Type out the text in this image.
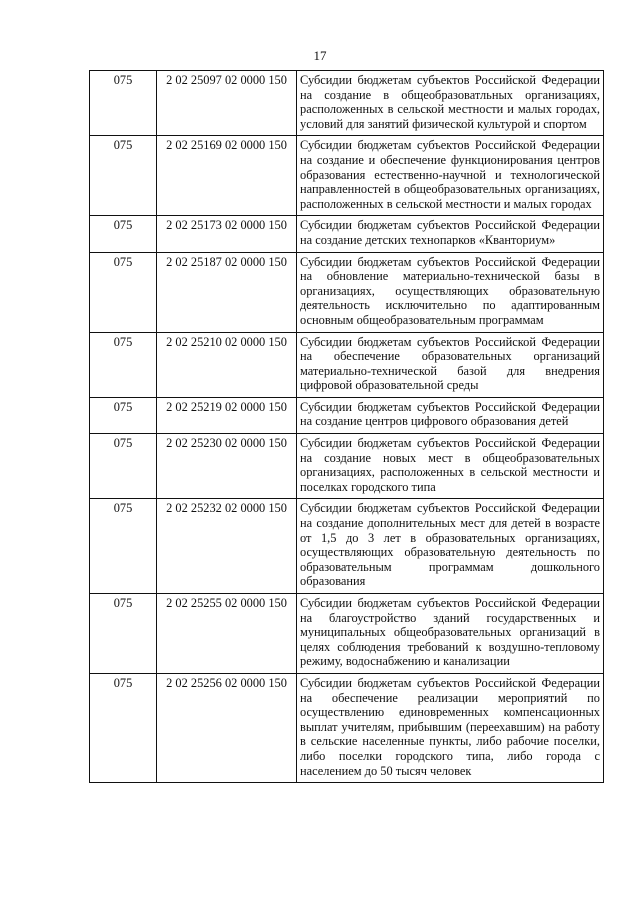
17
075	2 02 25097 02 0000 150	Субсидии бюджетам субъектов Российской Федерации на создание в общеобразоватльных организациях, расположенных в сельской местности и малых городах, условий для занятий физической культурой и спортом
075	2 02 25169 02 0000 150	Субсидии бюджетам субъектов Российской Федерации на создание и обеспечение функционирования центров образования естественно-научной и технологической направленностей в общеобразовательных организациях, расположенных в сельской местности и малых городах
075	2 02 25173 02 0000 150	Субсидии бюджетам субъектов Российской Федерации на создание детских технопарков «Кванториум»
075	2 02 25187 02 0000 150	Субсидии бюджетам субъектов Российской Федерации на обновление материально-технической базы в организациях, осуществляющих образовательную деятельность исключительно по адаптированным основным общеобразовательным программам
075	2 02 25210 02 0000 150	Субсидии бюджетам субъектов Российской Федерации на обеспечение образовательных организаций материально-технической базой для внедрения цифровой образовательной среды
075	2 02 25219 02 0000 150	Субсидии бюджетам субъектов Российской Федерации на создание центров цифрового образования детей
075	2 02 25230 02 0000 150	Субсидии бюджетам субъектов Российской Федерации на создание новых мест в общеобразовательных организациях, расположенных в сельской местности и поселках городского типа
075	2 02 25232 02 0000 150	Субсидии бюджетам субъектов Российской Федерации на создание дополнительных мест для детей в возрасте от 1,5 до 3 лет в образовательных организациях, осуществляющих образовательную деятельность по образовательным программам дошкольного образования
075	2 02 25255 02 0000 150	Субсидии бюджетам субъектов Российской Федерации на благоустройство зданий государственных и муниципальных общеобразовательных организаций в целях соблюдения требований к воздушно-тепловому режиму, водоснабжению и канализации
075	2 02 25256 02 0000 150	Субсидии бюджетам субъектов Российской Федерации на обеспечение реализации мероприятий по осуществлению единовременных компенсационных выплат учителям, прибывшим (переехавшим) на работу в сельские населенные пункты, либо рабочие поселки, либо поселки городского типа, либо города с населением до 50 тысяч человек
